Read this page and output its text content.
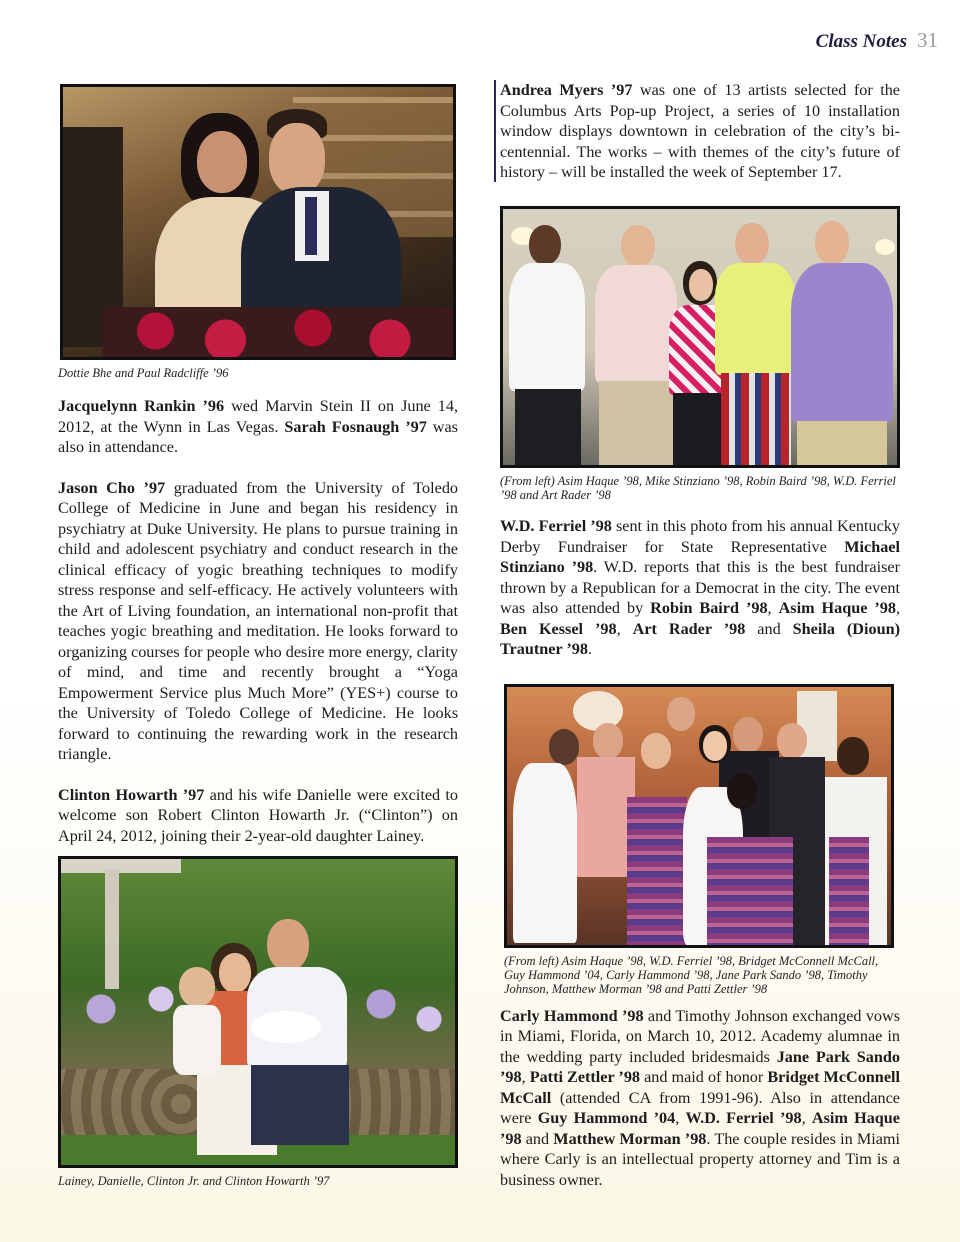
Class Notes 31
Dottie Bhe and Paul Radcliffe ’96

Jacquelynn Rankin ’96 wed Marvin Stein II on June 14, 2012, at the Wynn in Las Vegas. Sarah Fosnaugh ’97 was also in attendance.

Jason Cho ’97 graduated from the University of Toledo College of Medicine in June and began his residency in psychiatry at Duke University. He plans to pursue training in child and adolescent psychiatry and conduct research in the clinical efficacy of yogic breathing techniques to modify stress response and self-efficacy. He actively volunteers with the Art of Living foundation, an international non-profit that teaches yogic breathing and meditation. He looks forward to organizing courses for people who desire more energy, clarity of mind, and time and recently brought a “Yoga Empowerment Service plus Much More” (YES+) course to the University of Toledo College of Medicine. He looks forward to continuing the rewarding work in the research triangle.

Clinton Howarth ’97 and his wife Danielle were excited to welcome son Robert Clinton Howarth Jr. (“Clinton”) on April 24, 2012, joining their 2-year-old daughter Lainey.

Lainey, Danielle, Clinton Jr. and Clinton Howarth ’97

Andrea Myers ’97 was one of 13 artists selected for the Columbus Arts Pop-up Project, a series of 10 installation window displays downtown in celebration of the city’s bi-centennial. The works – with themes of the city’s future of history – will be installed the week of September 17.

(From left) Asim Haque ’98, Mike Stinziano ’98, Robin Baird ’98, W.D. Ferriel ’98 and Art Rader ’98

W.D. Ferriel ’98 sent in this photo from his annual Kentucky Derby Fundraiser for State Representative Michael Stinziano ’98. W.D. reports that this is the best fundraiser thrown by a Republican for a Democrat in the city. The event was also attended by Robin Baird ’98, Asim Haque ’98, Ben Kessel ’98, Art Rader ’98 and Sheila (Dioun) Trautner ’98.

(From left) Asim Haque ’98, W.D. Ferriel ’98, Bridget McConnell McCall, Guy Hammond ’04, Carly Hammond ’98, Jane Park Sando ’98, Timothy Johnson, Matthew Morman ’98 and Patti Zettler ’98

Carly Hammond ’98 and Timothy Johnson exchanged vows in Miami, Florida, on March 10, 2012. Academy alumnae in the wedding party included bridesmaids Jane Park Sando ’98, Patti Zettler ’98 and maid of honor Bridget McConnell McCall (attended CA from 1991-96). Also in attendance were Guy Hammond ’04, W.D. Ferriel ’98, Asim Haque ’98 and Matthew Morman ’98. The couple resides in Miami where Carly is an intellectual property attorney and Tim is a business owner.
